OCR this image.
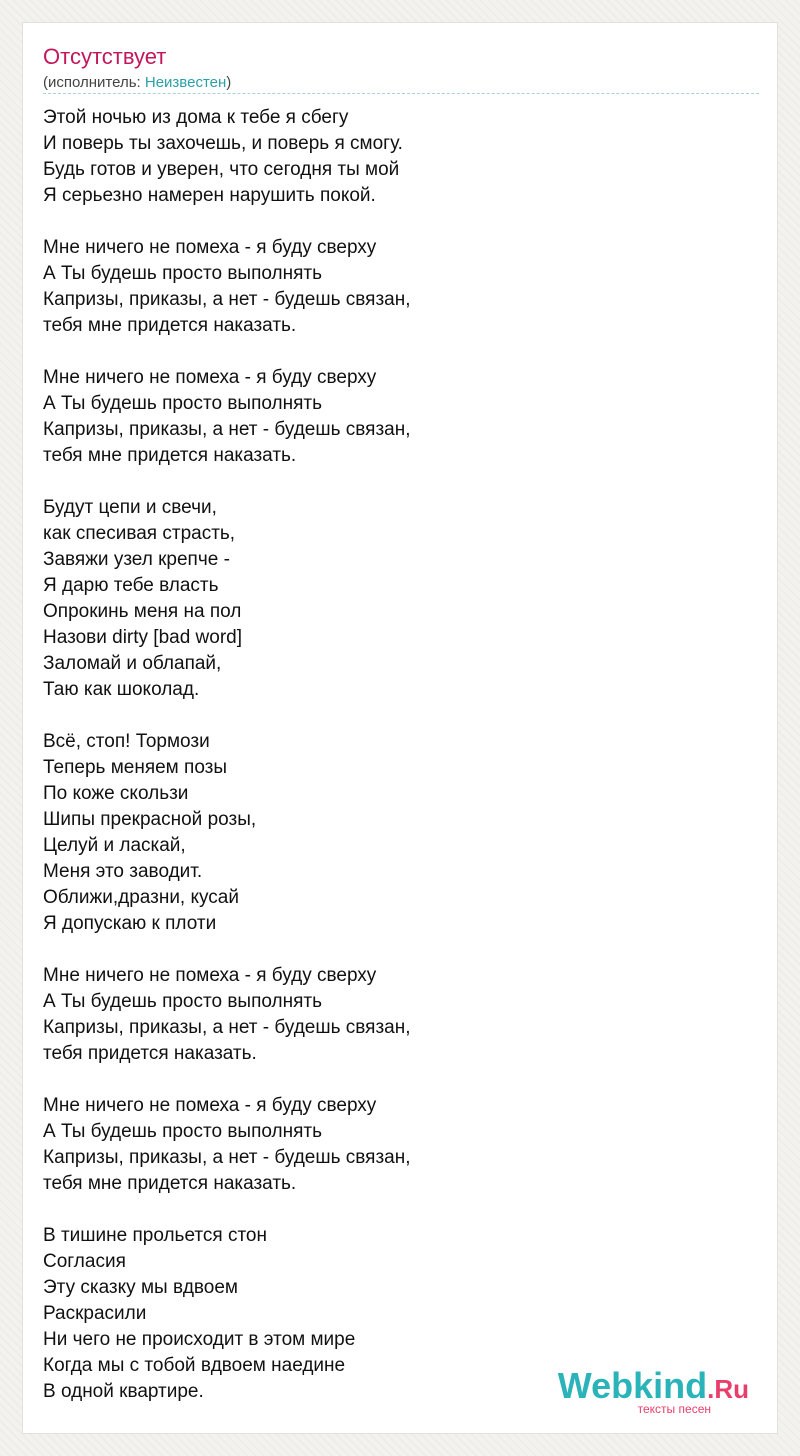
Отсутствует
(исполнитель: Неизвестен)
Этой ночью из дома к тебе я сбегу
И поверь ты захочешь, и поверь я смогу.
Будь готов и уверен, что сегодня ты мой
Я серьезно намерен нарушить покой.
Мне ничего не помеха - я буду сверху
А Ты будешь просто выполнять
Капризы, приказы, а нет - будешь связан,
тебя мне придется наказать.
Мне ничего не помеха - я буду сверху
А Ты будешь просто выполнять
Капризы, приказы, а нет - будешь связан,
тебя мне придется наказать.
Будут цепи и свечи,
как спесивая страсть,
Завяжи узел крепче -
Я дарю тебе власть
Опрокинь меня на пол
Назови dirty [bad word]
Заломай и облапай,
Таю как шоколад.
Всё, стоп! Тормози
Теперь меняем позы
По коже скользи
Шипы прекрасной розы,
Целуй и ласкай,
Меня это заводит.
Оближи,дразни, кусай
Я допускаю к плоти
Мне ничего не помеха - я буду сверху
А Ты будешь просто выполнять
Капризы, приказы, а нет - будешь связан,
тебя придется наказать.
Мне ничего не помеха - я буду сверху
А Ты будешь просто выполнять
Капризы, приказы, а нет - будешь связан,
тебя мне придется наказать.
В тишине прольется стон
Согласия
Эту сказку мы вдвоем
Раскрасили
Ни чего не происходит в этом мире
Когда мы с тобой вдвоем наедине
В одной квартире.	Webkind.Ru
тексты песен
